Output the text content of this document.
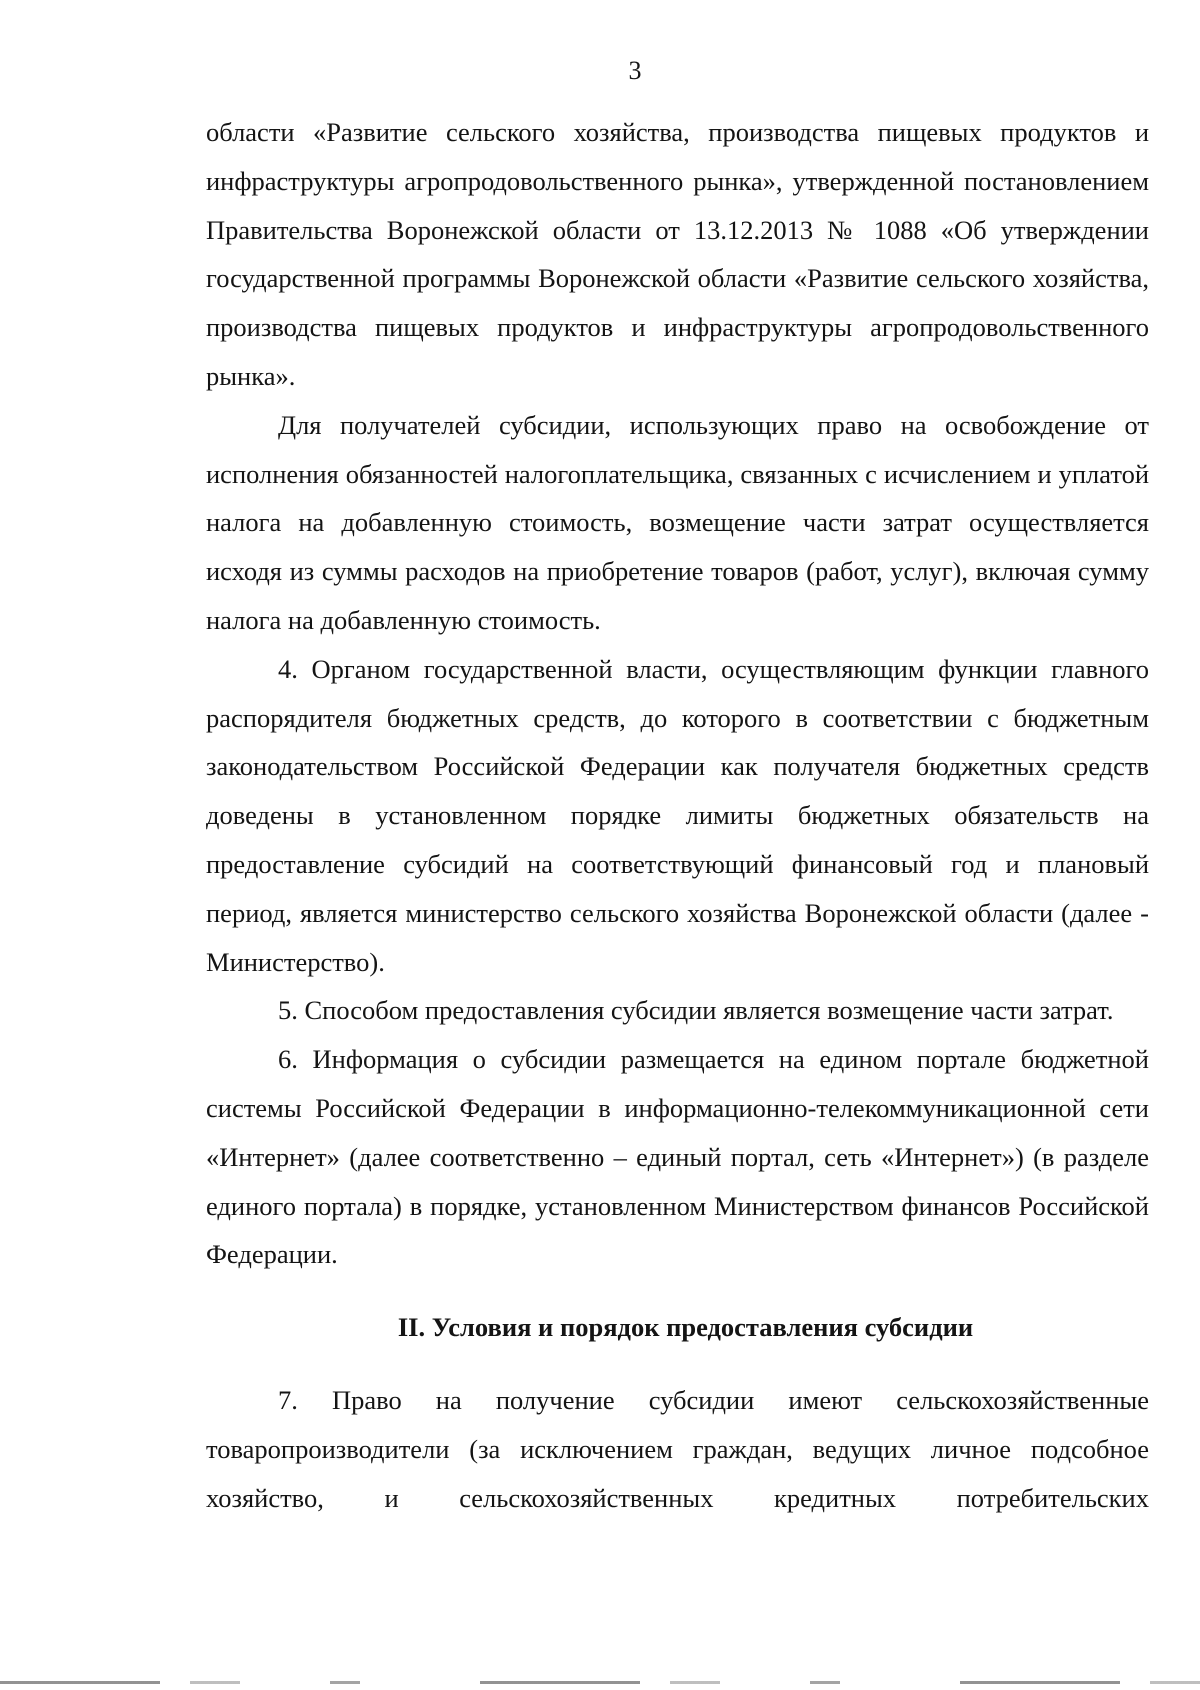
3

области «Развитие сельского хозяйства, производства пищевых продуктов и инфраструктуры агропродовольственного рынка», утвержденной постановлением Правительства Воронежской области от 13.12.2013 № 1088 «Об утверждении государственной программы Воронежской области «Развитие сельского хозяйства, производства пищевых продуктов и инфраструктуры агропродовольственного рынка».

Для получателей субсидии, использующих право на освобождение от исполнения обязанностей налогоплательщика, связанных с исчислением и уплатой налога на добавленную стоимость, возмещение части затрат осуществляется исходя из суммы расходов на приобретение товаров (работ, услуг), включая сумму налога на добавленную стоимость.

4. Органом государственной власти, осуществляющим функции главного распорядителя бюджетных средств, до которого в соответствии с бюджетным законодательством Российской Федерации как получателя бюджетных средств доведены в установленном порядке лимиты бюджетных обязательств на предоставление субсидий на соответствующий финансовый год и плановый период, является министерство сельского хозяйства Воронежской области (далее - Министерство).

5. Способом предоставления субсидии является возмещение части затрат.

6. Информация о субсидии размещается на едином портале бюджетной системы Российской Федерации в информационно-телекоммуникационной сети «Интернет» (далее соответственно – единый портал, сеть «Интернет») (в разделе единого портала) в порядке, установленном Министерством финансов Российской Федерации.

II. Условия и порядок предоставления субсидии

7. Право на получение субсидии имеют сельскохозяйственные товаропроизводители (за исключением граждан, ведущих личное подсобное хозяйство, и сельскохозяйственных кредитных потребительских
